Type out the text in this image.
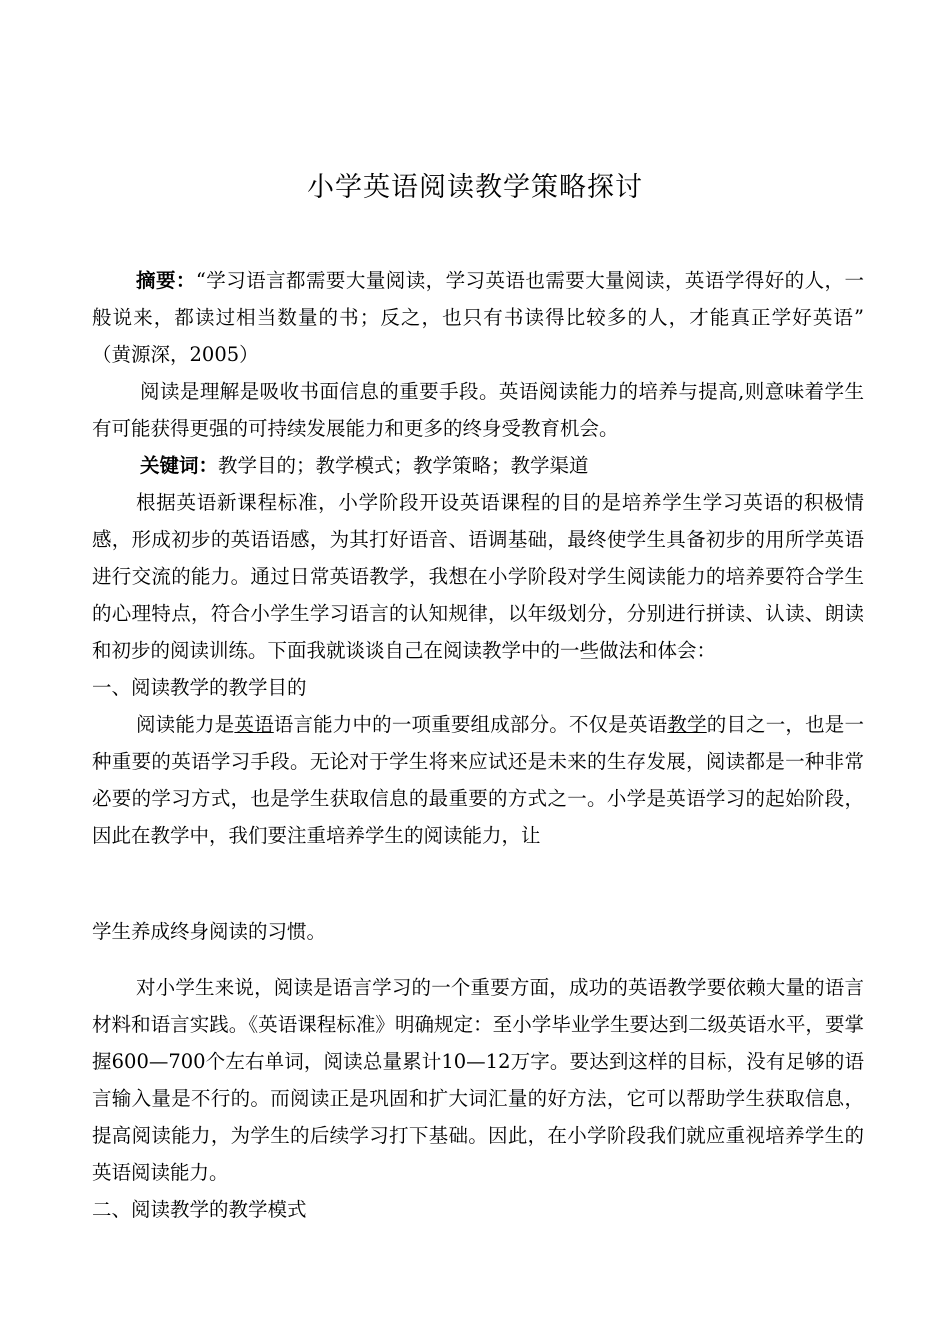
小学英语阅读教学策略探讨

摘要：“学习语言都需要大量阅读，学习英语也需要大量阅读，英语学得好的人，一般说来，都读过相当数量的书；反之，也只有书读得比较多的人，才能真正学好英语”　（黄源深，2005）

阅读是理解是吸收书面信息的重要手段。英语阅读能力的培养与提高,则意味着学生有可能获得更强的可持续发展能力和更多的终身受教育机会。

关键词：教学目的；教学模式；教学策略；教学渠道

根据英语新课程标准，小学阶段开设英语课程的目的是培养学生学习英语的积极情感，形成初步的英语语感，为其打好语音、语调基础，最终使学生具备初步的用所学英语进行交流的能力。通过日常英语教学，我想在小学阶段对学生阅读能力的培养要符合学生的心理特点，符合小学生学习语言的认知规律，以年级划分，分别进行拼读、认读、朗读和初步的阅读训练。下面我就谈谈自己在阅读教学中的一些做法和体会：

一、阅读教学的教学目的

阅读能力是英语语言能力中的一项重要组成部分。不仅是英语教学的目之一，也是一种重要的英语学习手段。无论对于学生将来应试还是未来的生存发展，阅读都是一种非常必要的学习方式，也是学生获取信息的最重要的方式之一。小学是英语学习的起始阶段，因此在教学中，我们要注重培养学生的阅读能力，让

学生养成终身阅读的习惯。

对小学生来说，阅读是语言学习的一个重要方面，成功的英语教学要依赖大量的语言材料和语言实践。《英语课程标准》明确规定：至小学毕业学生要达到二级英语水平，要掌握600—700个左右单词，阅读总量累计10—12万字。要达到这样的目标，没有足够的语言输入量是不行的。而阅读正是巩固和扩大词汇量的好方法，它可以帮助学生获取信息，提高阅读能力，为学生的后续学习打下基础。因此，在小学阶段我们就应重视培养学生的英语阅读能力。

二、阅读教学的教学模式
